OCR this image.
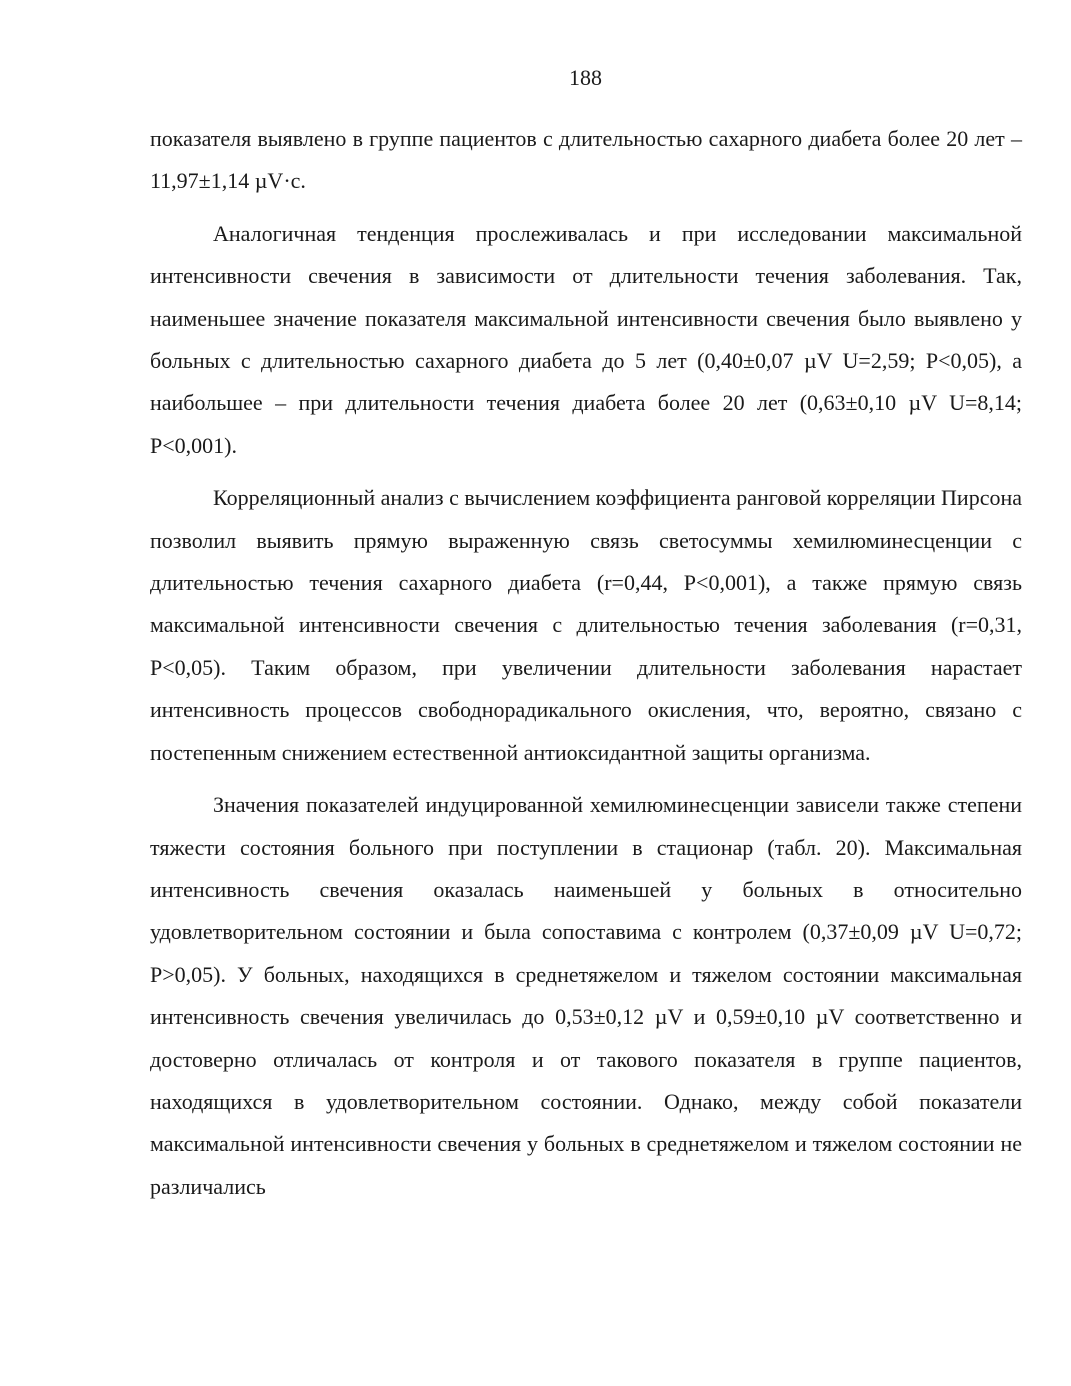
188

показателя выявлено в группе пациентов с длительностью сахарного диабета более 20 лет – 11,97±1,14 µV·с.

Аналогичная тенденция прослеживалась и при исследовании максимальной интенсивности свечения в зависимости от длительности течения заболевания. Так, наименьшее значение показателя максимальной интенсивности свечения было выявлено у больных с длительностью сахарного диабета до 5 лет (0,40±0,07 µV U=2,59; P<0,05), а наибольшее – при длительности течения диабета более 20 лет (0,63±0,10 µV U=8,14; P<0,001).

Корреляционный анализ с вычислением коэффициента ранговой корреляции Пирсона позволил выявить прямую выраженную связь светосуммы хемилюминесценции с длительностью течения сахарного диабета (r=0,44, P<0,001), а также прямую связь максимальной интенсивности свечения с длительностью течения заболевания (r=0,31, P<0,05). Таким образом, при увеличении длительности заболевания нарастает интенсивность процессов свободнорадикального окисления, что, вероятно, связано с постепенным снижением естественной антиоксидантной защиты организма.

Значения показателей индуцированной хемилюминесценции зависели также степени тяжести состояния больного при поступлении в стационар (табл. 20). Максимальная интенсивность свечения оказалась наименьшей у больных в относительно удовлетворительном состоянии и была сопоставима с контролем (0,37±0,09 µV U=0,72; P>0,05). У больных, находящихся в среднетяжелом и тяжелом состоянии максимальная интенсивность свечения увеличилась до 0,53±0,12 µV и 0,59±0,10 µV соответственно и достоверно отличалась от контроля и от такового показателя в группе пациентов, находящихся в удовлетворительном состоянии. Однако, между собой показатели максимальной интенсивности свечения у больных в среднетяжелом и тяжелом состоянии не различались
